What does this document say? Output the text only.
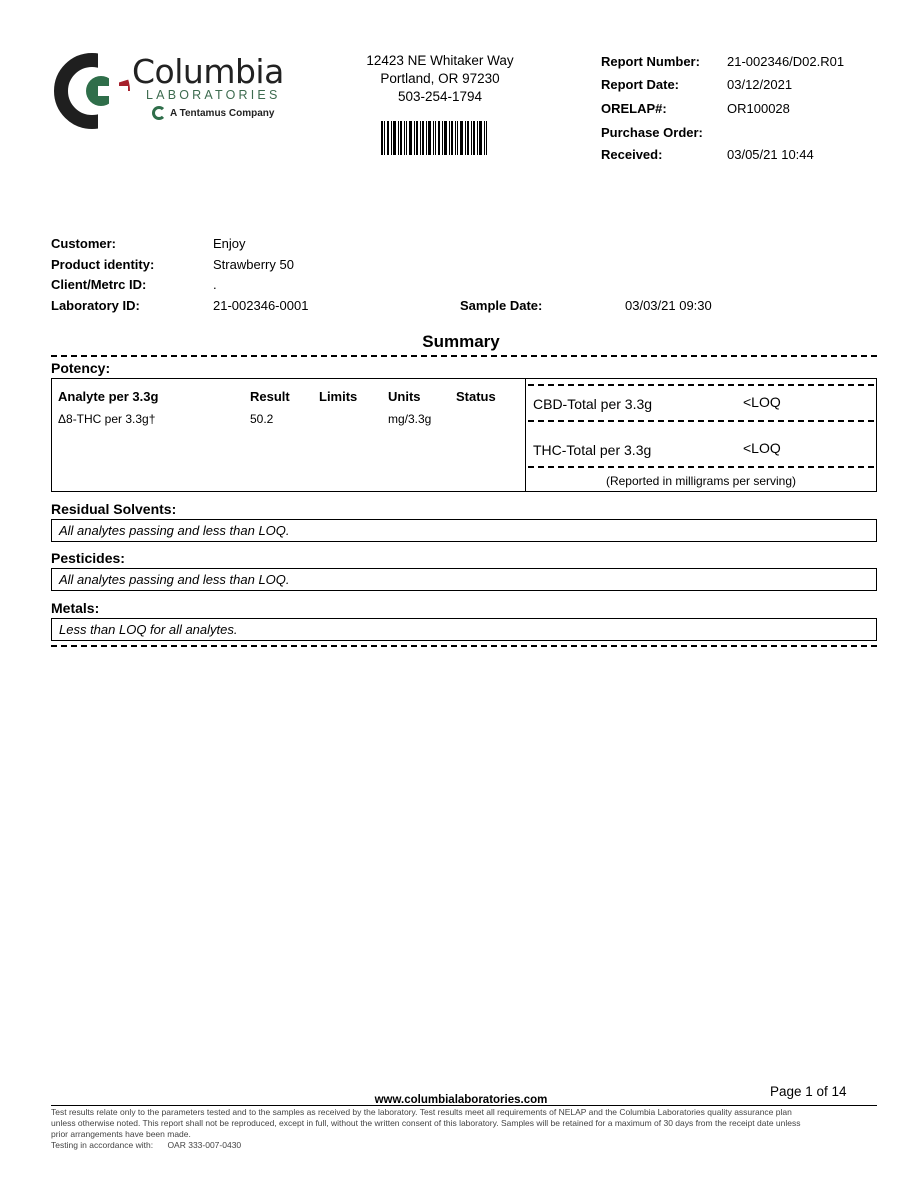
Columbia
LABORATORIES
A Tentamus Company
12423 NE Whitaker Way
Portland, OR 97230
503-254-1794
Report Number: 21-002346/D02.R01
Report Date:	03/12/2021
ORELAP#:	OR100028
Purchase Order:
Received:	03/05/21 10:44
Customer:	Enjoy
Product identity:	Strawberry 50
Client/Metrc ID:	.
Laboratory ID:	21-002346-0001	Sample Date:	03/03/21 09:30
Summary
Potency:
Analyte per 3.3g	Result Limits Units	Status
Δ8-THC per 3.3g†	50.2	mg/3.3g
CBD-Total per 3.3g	<LOQ
THC-Total per 3.3g	<LOQ
(Reported in milligrams per serving)
Residual Solvents:
All analytes passing and less than LOQ.
Pesticides:
All analytes passing and less than LOQ.
Metals:
Less than LOQ for all analytes.
Page 1 of 14
www.columbialaboratories.com
Test results relate only to the parameters tested and to the samples as received by the laboratory. Test results meet all requirements of NELAP and the Columbia Laboratories quality assurance plan
unless otherwise noted. This report shall not be reproduced, except in full, without the written consent of this laboratory. Samples will be retained for a maximum of 30 days from the receipt date unless
prior arrangements have been made.
Testing in accordance with: OAR 333-007-0430
